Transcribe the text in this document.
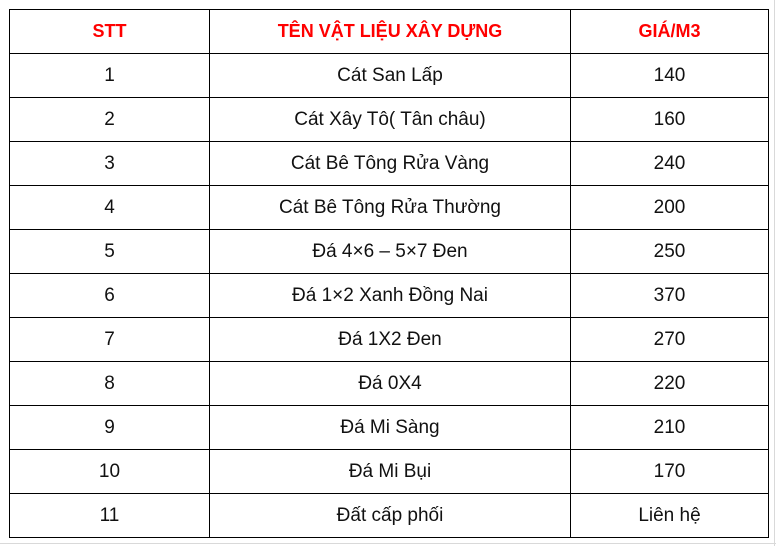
STT	TÊN VẬT LIỆU XÂY DỰNG	GIÁ/M3
1	Cát San Lấp	140
2	Cát Xây Tô( Tân châu)	160
3	Cát Bê Tông Rửa Vàng	240
4	Cát Bê Tông Rửa Thường	200
5	Đá 4×6 – 5×7 Đen	250
6	Đá 1×2 Xanh Đồng Nai	370
7	Đá 1X2 Đen	270
8	Đá 0X4	220
9	Đá Mi Sàng	210
10	Đá Mi Bụi	170
11	Đất cấp phối	Liên hệ
